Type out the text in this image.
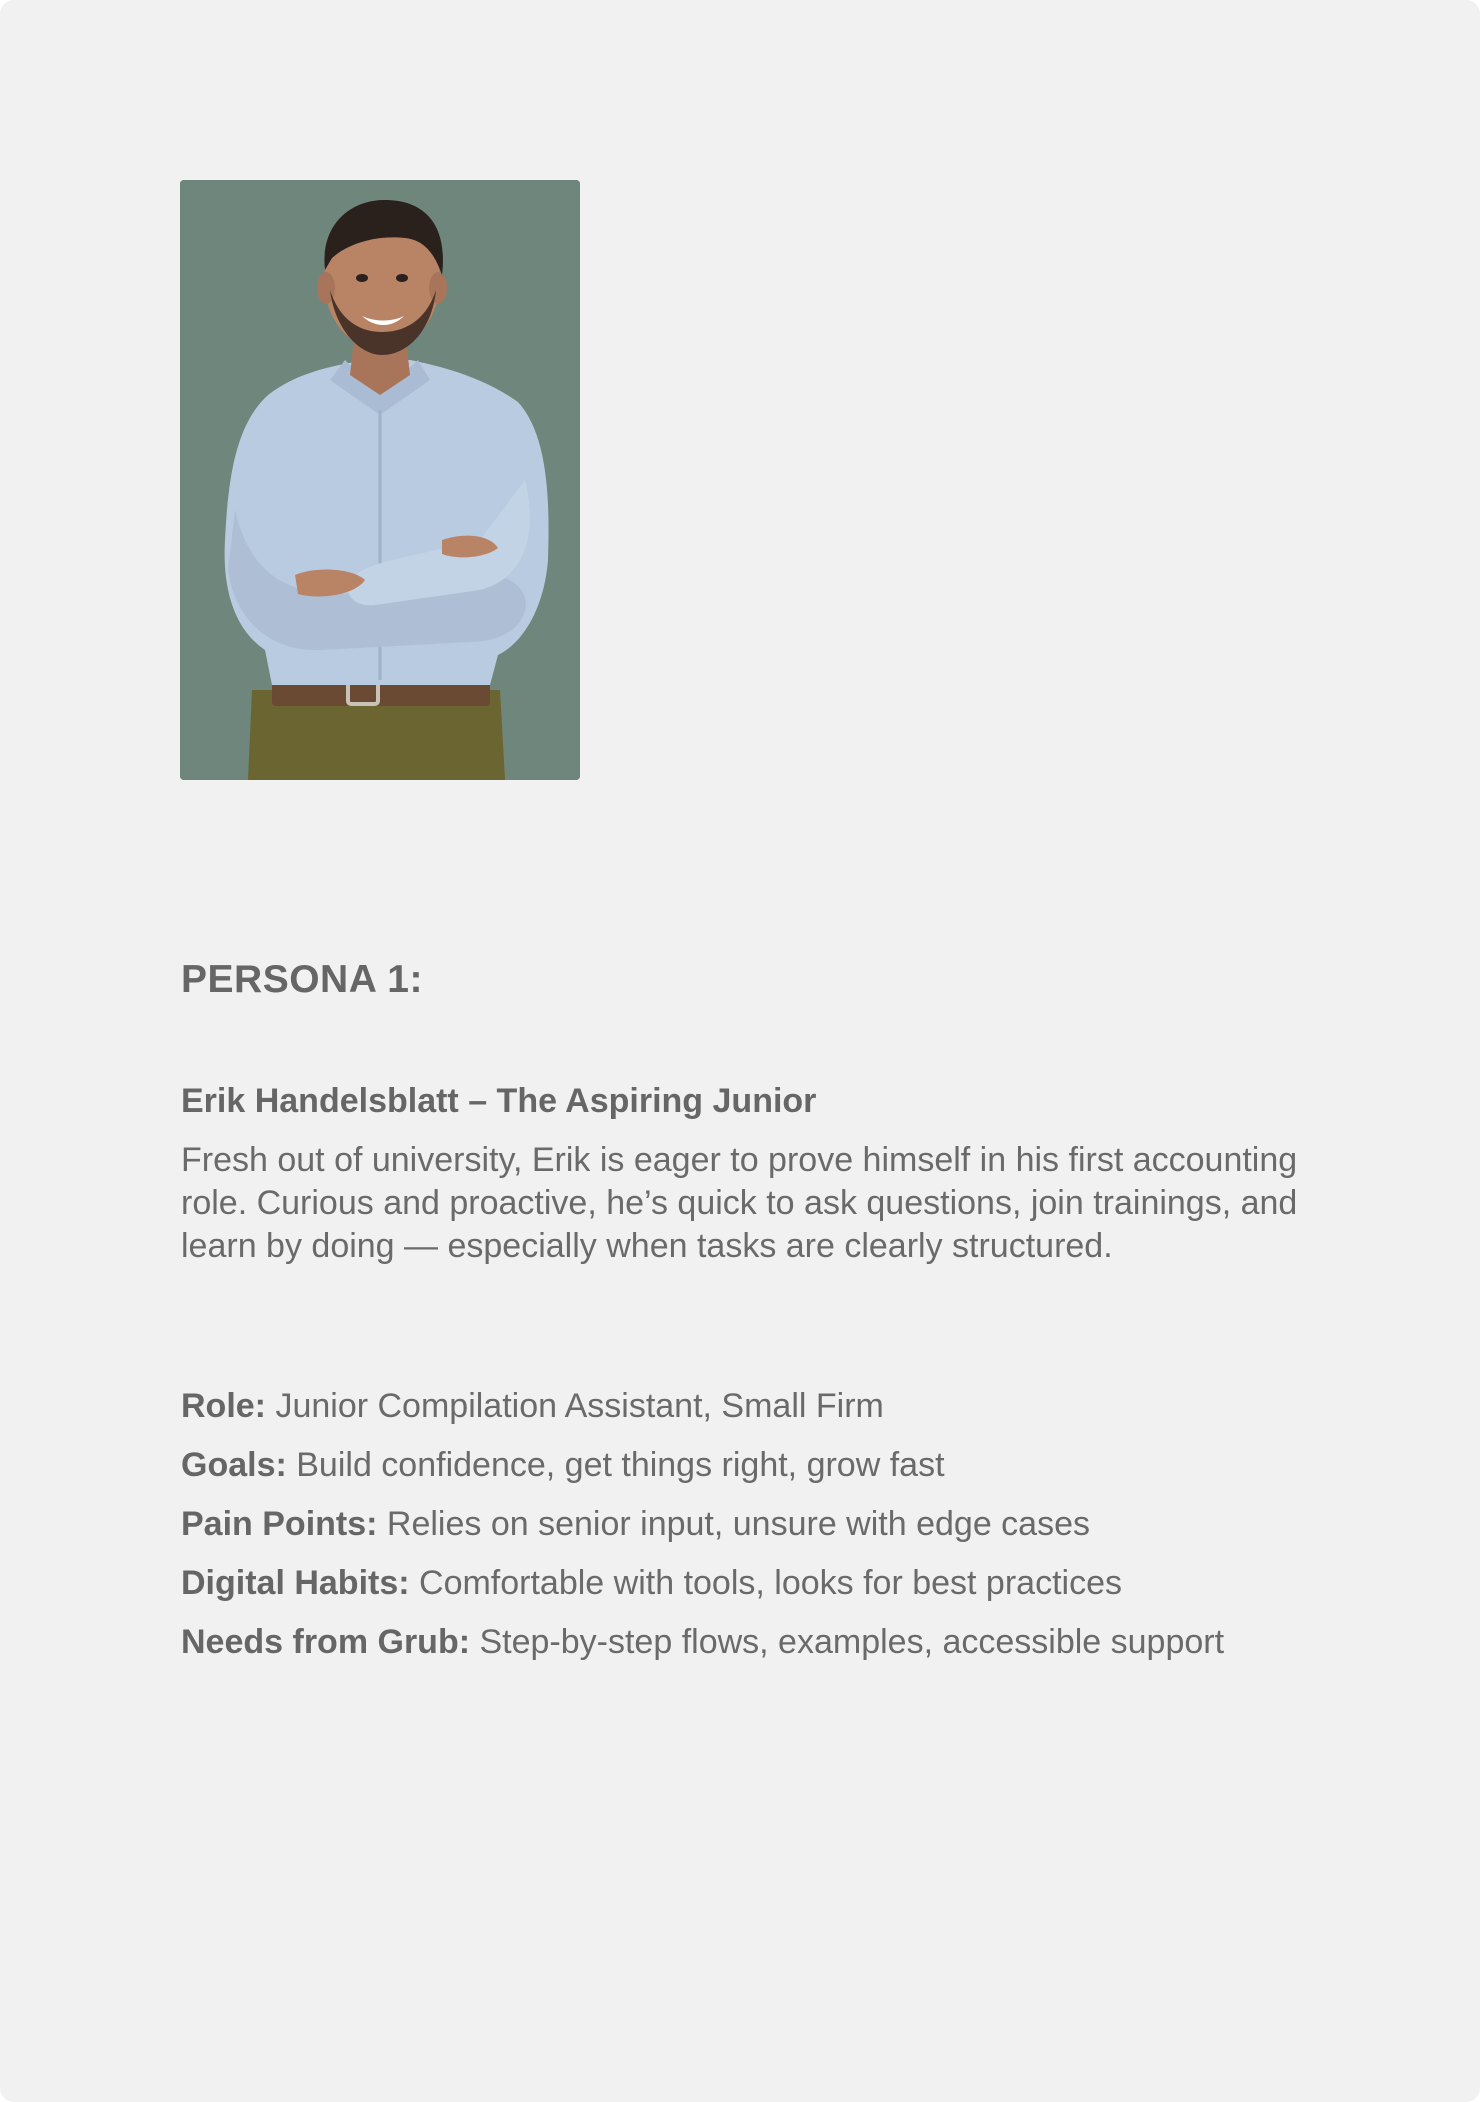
PERSONA 1:
Erik Handelsblatt – The Aspiring Junior

Fresh out of university, Erik is eager to prove himself in his first accounting role. Curious and proactive, he’s quick to ask questions, join trainings, and learn by doing — especially when tasks are clearly structured.

Role: Junior Compilation Assistant, Small Firm
Goals: Build confidence, get things right, grow fast
Pain Points: Relies on senior input, unsure with edge cases
Digital Habits: Comfortable with tools, looks for best practices
Needs from Grub: Step-by-step flows, examples, accessible support
